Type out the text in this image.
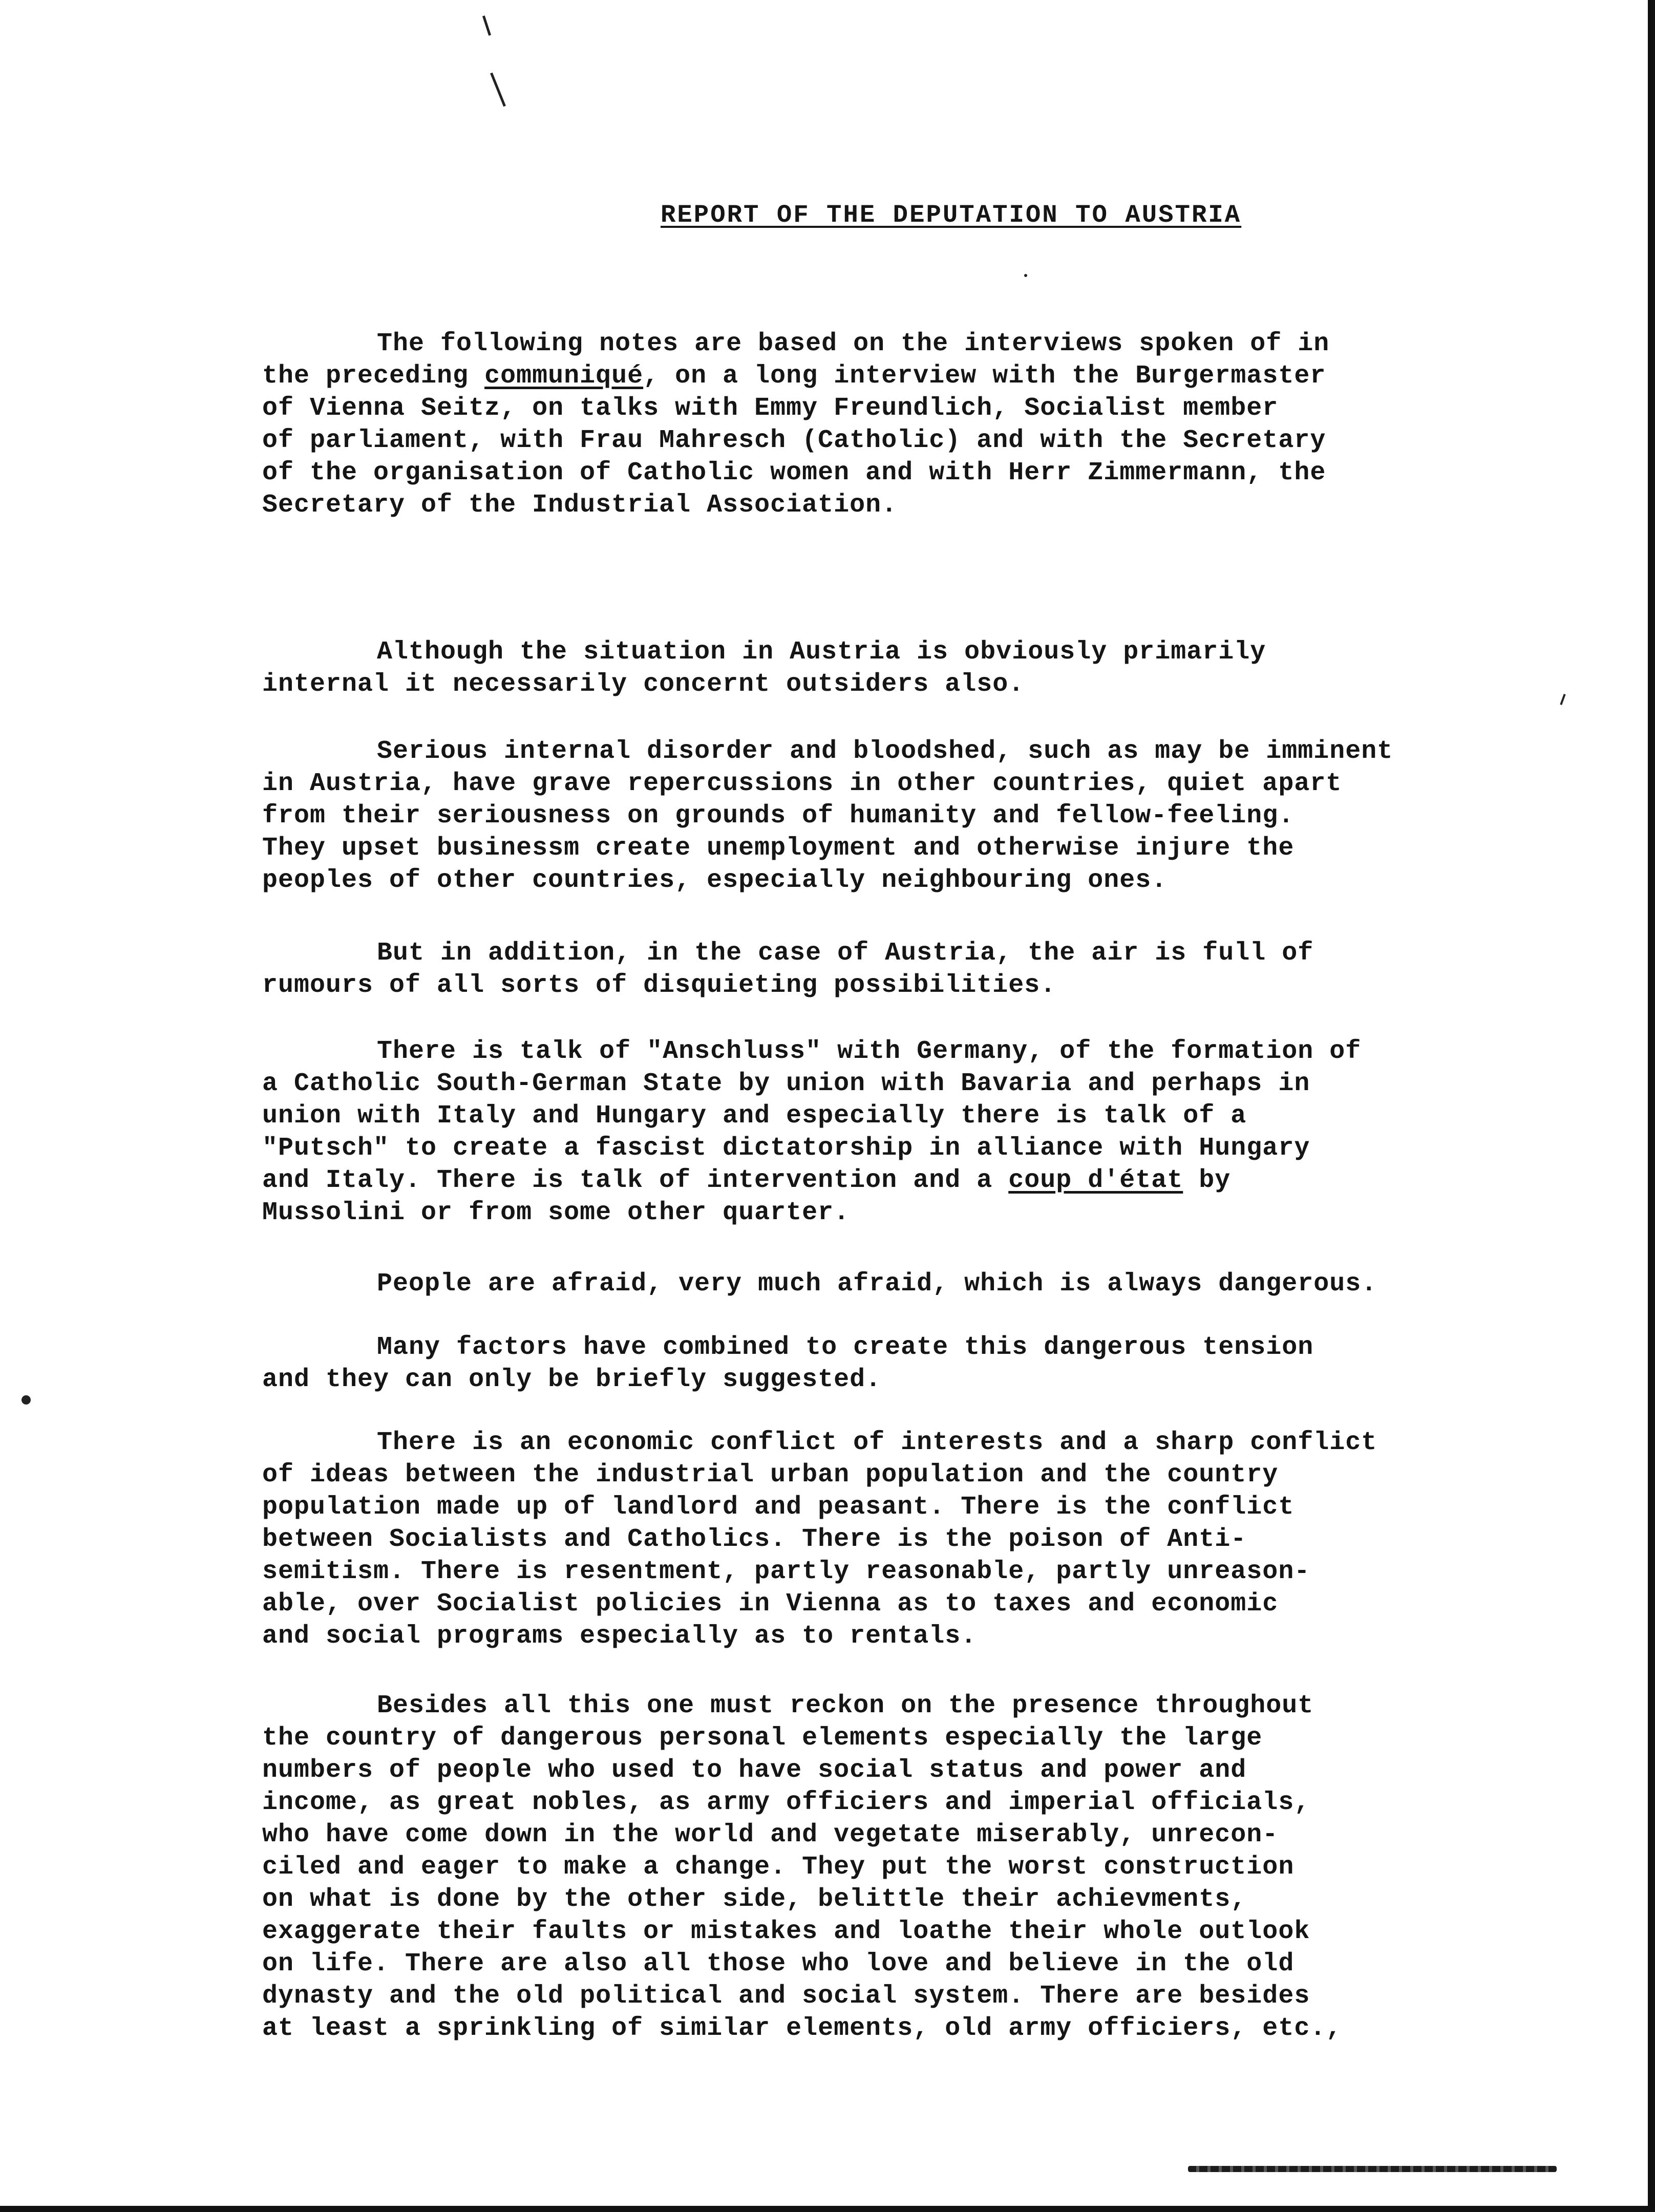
REPORT OF THE DEPUTATION TO AUSTRIA
The following notes are based on the interviews spoken of in
the preceding communiqué, on a long interview with the Burgermaster
of Vienna Seitz, on talks with Emmy Freundlich, Socialist member
of parliament, with Frau Mahresch (Catholic) and with the Secretary
of the organisation of Catholic women and with Herr Zimmermann, the
Secretary of the Industrial Association.
Although the situation in Austria is obviously primarily
internal it necessarily concernt outsiders also.
Serious internal disorder and bloodshed, such as may be imminent
in Austria, have grave repercussions in other countries, quiet apart
from their seriousness on grounds of humanity and fellow-feeling.
They upset businessm create unemployment and otherwise injure the
peoples of other countries, especially neighbouring ones.
But in addition, in the case of Austria, the air is full of
rumours of all sorts of disquieting possibilities.
There is talk of "Anschluss" with Germany, of the formation of
a Catholic South-German State by union with Bavaria and perhaps in
union with Italy and Hungary and especially there is talk of a
"Putsch" to create a fascist dictatorship in alliance with Hungary
and Italy. There is talk of intervention and a coup d'état by
Mussolini or from some other quarter.
People are afraid, very much afraid, which is always dangerous.
Many factors have combined to create this dangerous tension
and they can only be briefly suggested.
There is an economic conflict of interests and a sharp conflict
of ideas between the industrial urban population and the country
population made up of landlord and peasant. There is the conflict
between Socialists and Catholics. There is the poison of Anti-
semitism. There is resentment, partly reasonable, partly unreason-
able, over Socialist policies in Vienna as to taxes and economic
and social programs especially as to rentals.
Besides all this one must reckon on the presence throughout
the country of dangerous personal elements especially the large
numbers of people who used to have social status and power and
income, as great nobles, as army officiers and imperial officials,
who have come down in the world and vegetate miserably, unrecon-
ciled and eager to make a change. They put the worst construction
on what is done by the other side, belittle their achievments,
exaggerate their faults or mistakes and loathe their whole outlook
on life. There are also all those who love and believe in the old
dynasty and the old political and social system. There are besides
at least a sprinkling of similar elements, old army officiers, etc.,
